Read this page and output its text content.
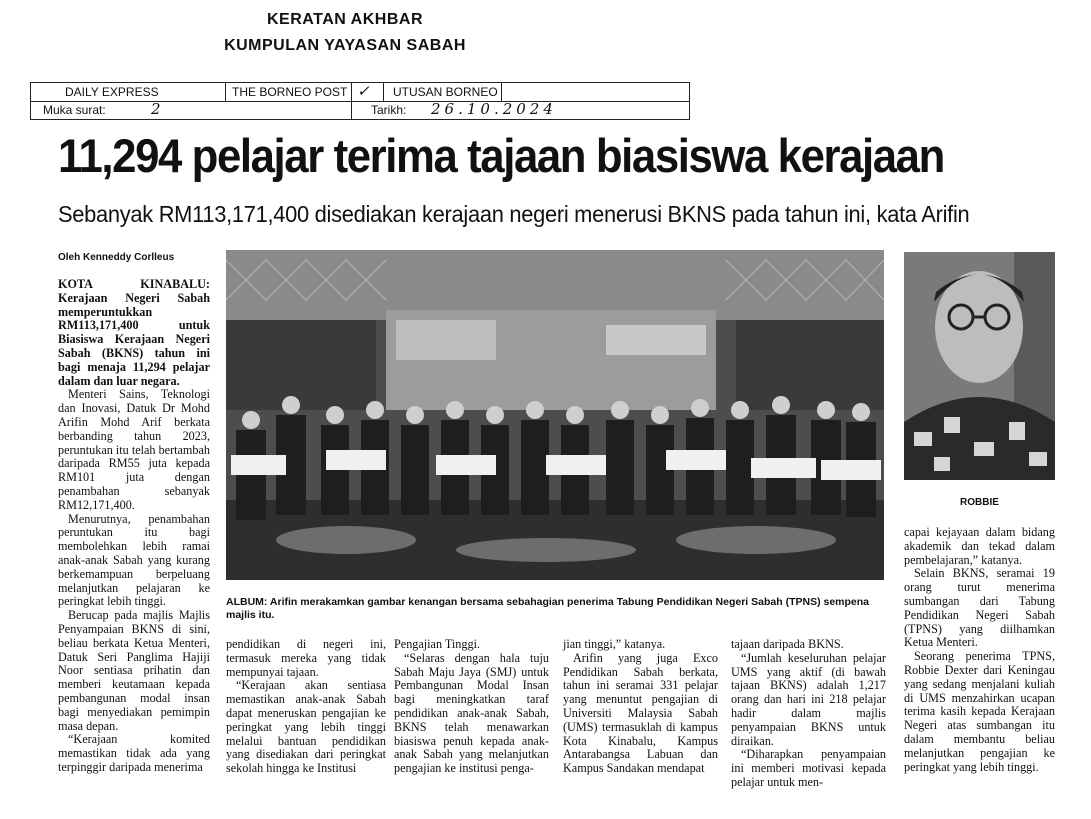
KERATAN AKHBAR
KUMPULAN YAYASAN SABAH
DAILY EXPRESS	THE BORNEO POST ✓	UTUSAN BORNEO
Muka surat:	2	Tarikh:	26.10.2024
11,294 pelajar terima tajaan biasiswa kerajaan
Sebanyak RM113,171,400 disediakan kerajaan negeri menerusi BKNS pada tahun ini, kata Arifin
Oleh Kenneddy Corlleus

KOTA KINABALU: Kerajaan Negeri Sabah memperuntukkan RM113,171,400 untuk Biasiswa Kerajaan Negeri Sabah (BKNS) tahun ini bagi menaja 11,294 pelajar dalam dan luar negara.

Menteri Sains, Teknologi dan Inovasi, Datuk Dr Mohd Arifin Mohd Arif berkata berbanding tahun 2023, peruntukan itu telah bertambah daripada RM55 juta kepada RM101 juta dengan penambahan sebanyak RM12,171,400.

Menurutnya, penambahan peruntukan itu bagi membolehkan lebih ramai anak-anak Sabah yang kurang berkemampuan berpeluang melanjutkan pelajaran ke peringkat lebih tinggi.

Berucap pada majlis Majlis Penyampaian BKNS di sini, beliau berkata Ketua Menteri, Datuk Seri Panglima Hajiji Noor sentiasa prihatin dan memberi keutamaan kepada pembangunan modal insan bagi menyediakan pemimpin masa depan.

“Kerajaan komited memastikan tidak ada yang terpinggir daripada menerima

ALBUM: Arifin merakamkan gambar kenangan bersama sebahagian penerima Tabung Pendidikan Negeri Sabah (TPNS) sempena majlis itu.
ROBBIE

pendidikan di negeri ini, termasuk mereka yang tidak mempunyai tajaan.

“Kerajaan akan sentiasa memastikan anak-anak Sabah dapat meneruskan pengajian ke peringkat yang lebih tinggi melalui bantuan pendidikan yang disediakan dari peringkat sekolah hingga ke Institusi

Pengajian Tinggi.

“Selaras dengan hala tuju Sabah Maju Jaya (SMJ) untuk Pembangunan Modal Insan bagi meningkatkan taraf pendidikan anak-anak Sabah, BKNS telah menawarkan biasiswa penuh kepada anak-anak Sabah yang melanjutkan pengajian ke institusi penga-

jian tinggi,” katanya.

Arifin yang juga Exco Pendidikan Sabah berkata, tahun ini seramai 331 pelajar yang menuntut pengajian di Universiti Malaysia Sabah (UMS) termasuklah di kampus Kota Kinabalu, Kampus Antarabangsa Labuan dan Kampus Sandakan mendapat

tajaan daripada BKNS.

“Jumlah keseluruhan pelajar UMS yang aktif (di bawah tajaan BKNS) adalah 1,217 orang dan hari ini 218 pelajar hadir dalam majlis penyampaian BKNS untuk diraikan.

“Diharapkan penyampaian ini memberi motivasi kepada pelajar untuk men-

capai kejayaan dalam bidang akademik dan tekad dalam pembelajaran,” katanya.

Selain BKNS, seramai 19 orang turut menerima sumbangan dari Tabung Pendidikan Negeri Sabah (TPNS) yang diilhamkan Ketua Menteri.

Seorang penerima TPNS, Robbie Dexter dari Keningau yang sedang menjalani kuliah di UMS menzahirkan ucapan terima kasih kepada Kerajaan Negeri atas sumbangan itu dalam membantu beliau melanjutkan pengajian ke peringkat yang lebih tinggi.
